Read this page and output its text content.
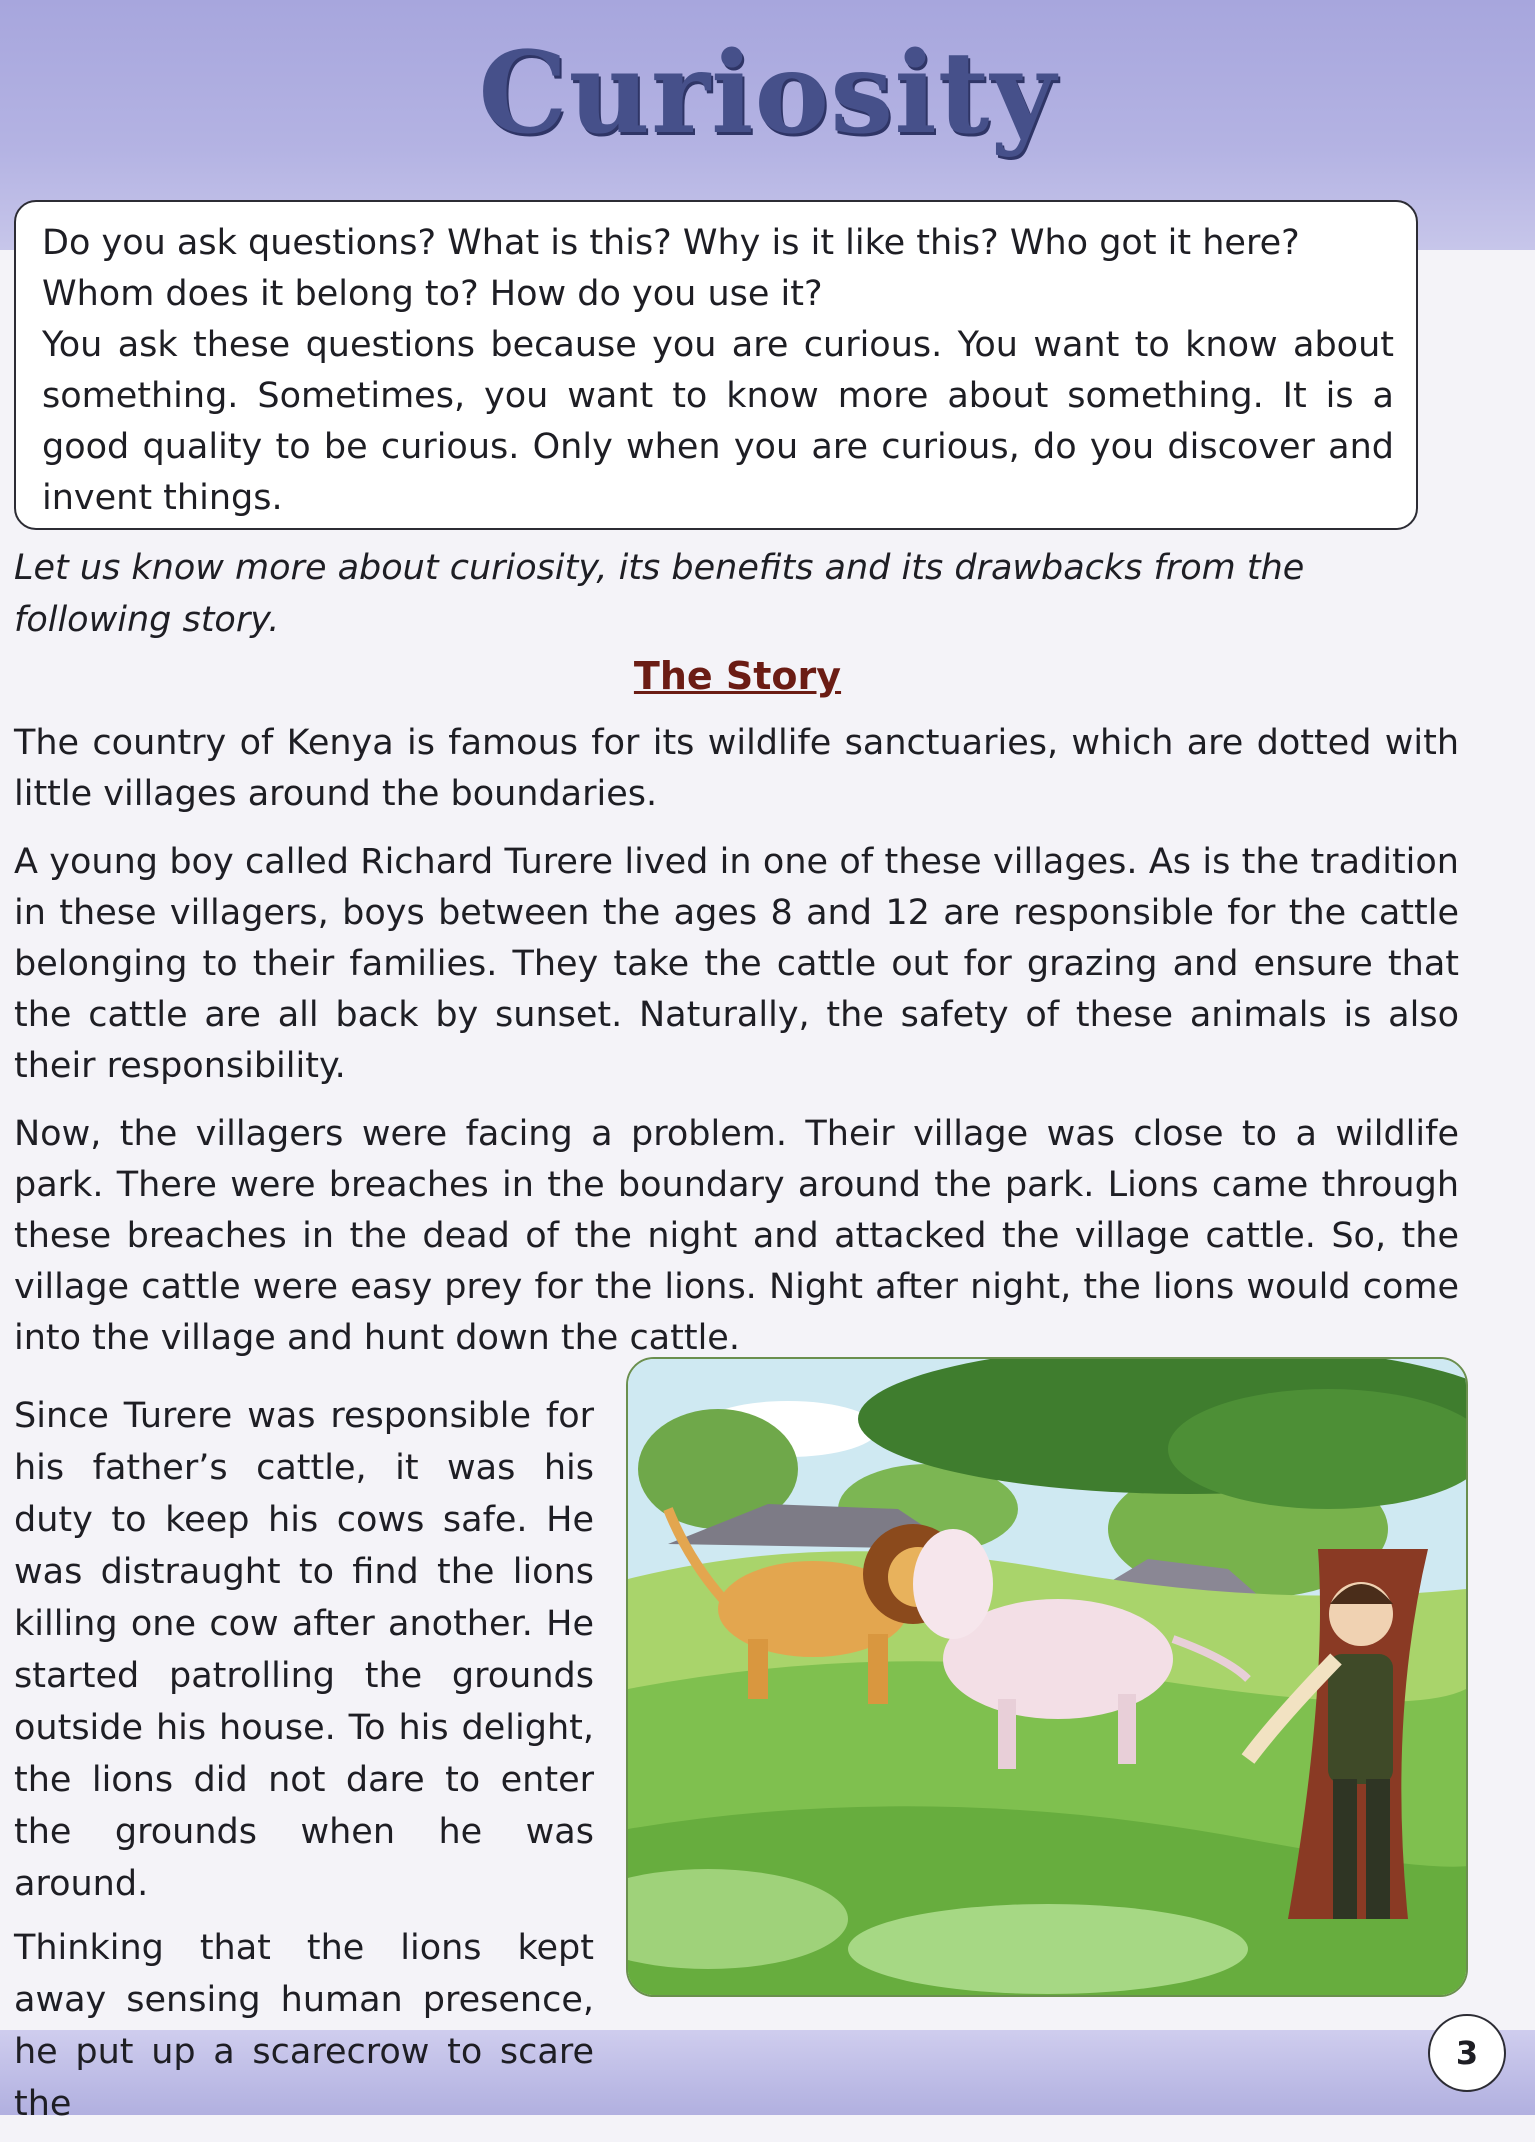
Curiosity

Do you ask questions? What is this? Why is it like this? Who got it here? Whom does it belong to? How do you use it?

You ask these questions because you are curious. You want to know about something. Sometimes, you want to know more about something. It is a good quality to be curious. Only when you are curious, do you discover and invent things.

Let us know more about curiosity, its benefits and its drawbacks from the following story.

The Story

The country of Kenya is famous for its wildlife sanctuaries, which are dotted with little villages around the boundaries.

A young boy called Richard Turere lived in one of these villages. As is the tradition in these villagers, boys between the ages 8 and 12 are responsible for the cattle belonging to their families. They take the cattle out for grazing and ensure that the cattle are all back by sunset. Naturally, the safety of these animals is also their responsibility.

Now, the villagers were facing a problem. Their village was close to a wildlife park. There were breaches in the boundary around the park. Lions came through these breaches in the dead of the night and attacked the village cattle. So, the village cattle were easy prey for the lions. Night after night, the lions would come into the village and hunt down the cattle.

Since Turere was responsible for his father’s cattle, it was his duty to keep his cows safe. He was distraught to find the lions killing one cow after another. He started patrolling the grounds outside his house. To his delight, the lions did not dare to enter the grounds when he was around.

Thinking that the lions kept away sensing human presence, he put up a scarecrow to scare the

3
